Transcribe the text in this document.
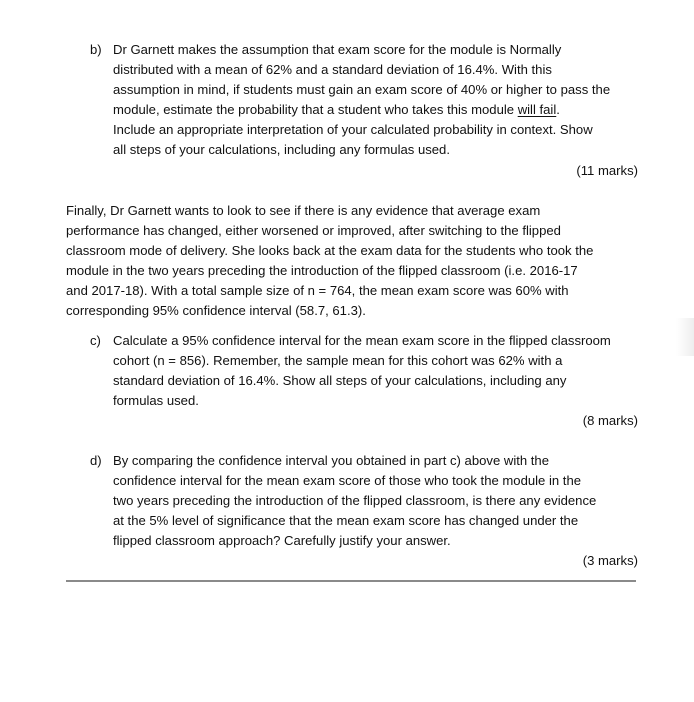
b) Dr Garnett makes the assumption that exam score for the module is Normally
distributed with a mean of 62% and a standard deviation of 16.4%. With this
assumption in mind, if students must gain an exam score of 40% or higher to pass the
module, estimate the probability that a student who takes this module will fail.
Include an appropriate interpretation of your calculated probability in context. Show
all steps of your calculations, including any formulas used.
(11 marks)
Finally, Dr Garnett wants to look to see if there is any evidence that average exam
performance has changed, either worsened or improved, after switching to the flipped
classroom mode of delivery. She looks back at the exam data for the students who took the
module in the two years preceding the introduction of the flipped classroom (i.e. 2016-17
and 2017-18). With a total sample size of n = 764, the mean exam score was 60% with
corresponding 95% confidence interval (58.7, 61.3).
c) Calculate a 95% confidence interval for the mean exam score in the flipped classroom
cohort (n = 856). Remember, the sample mean for this cohort was 62% with a
standard deviation of 16.4%. Show all steps of your calculations, including any
formulas used.
(8 marks)
d) By comparing the confidence interval you obtained in part c) above with the
confidence interval for the mean exam score of those who took the module in the
two years preceding the introduction of the flipped classroom, is there any evidence
at the 5% level of significance that the mean exam score has changed under the
flipped classroom approach? Carefully justify your answer.
(3 marks)
